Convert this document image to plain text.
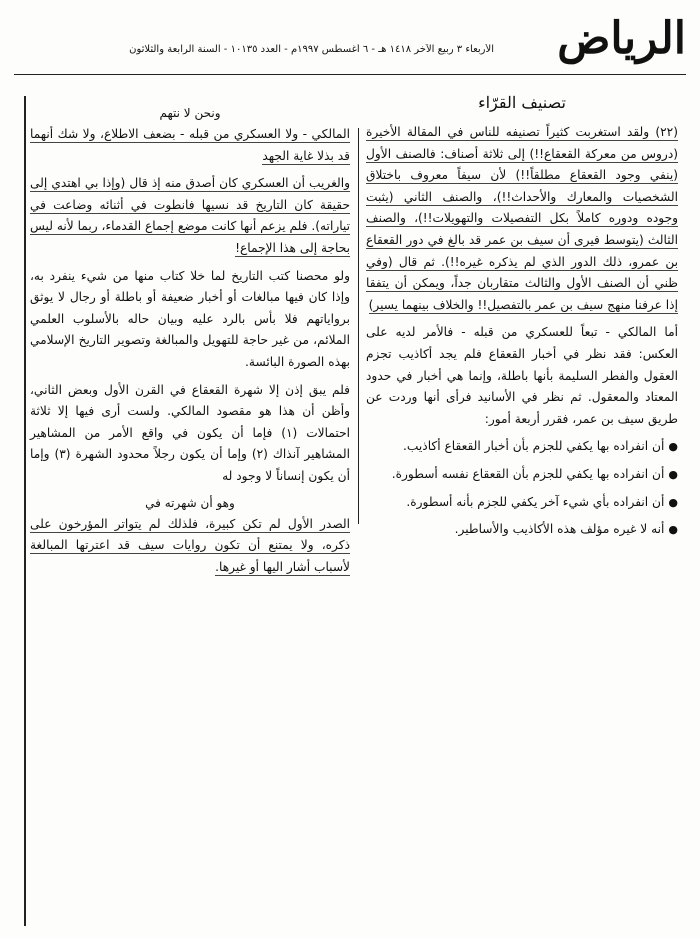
الرياض
الأربعاء ٣ ربيع الآخر ١٤١٨ هـ - ٦ أغسطس ١٩٩٧م - العدد ١٠١٣٥ - السنة الرابعة والثلاثون
تصنيف القرّاء

(٢٢) ولقد استغربت كثيراً تصنيفه للناس في المقالة الأخيرة (دروس من معركة القعقاع!!) إلى ثلاثة أصناف: فالصنف الأول (ينفي وجود القعقاع مطلقاً!!) لأن سيفاً معروف باختلاق الشخصيات والمعارك والأحداث!!)، والصنف الثاني (يثبت وجوده ودوره كاملاً بكل التفصيلات والتهويلات!!)، والصنف الثالث (يتوسط فيرى أن سيف بن عمر قد بالغ في دور القعقاع بن عمرو، ذلك الدور الذي لم يذكره غيره!!). ثم قال (وفي ظني أن الصنف الأول والثالث متقاربان جداً، ويمكن أن يتفقا إذا عرفنا منهج سيف بن عمر بالتفصيل!! والخلاف بينهما يسير)

أما المالكي - تبعاً للعسكري من قبله - فالأمر لديه على العكس: فقد نظر في أخبار القعقاع فلم يجد أكاذيب تجزم العقول والفطر السليمة بأنها باطلة، وإنما هي أخبار في حدود المعتاد والمعقول. ثم نظر في الأسانيد فرأى أنها وردت عن طريق سيف بن عمر، فقرر أربعة أمور:

●أن انفراده بها يكفي للجزم بأن أخبار القعقاع أكاذيب.

●أن انفراده بها يكفي للجزم بأن القعقاع نفسه أسطورة.

●أن انفراده بأي شيء آخر يكفي للجزم بأنه أسطورة.

●أنه لا غيره مؤلف هذه الأكاذيب والأساطير.

ونحن لا نتهم

المالكي - ولا العسكري من قبله - بضعف الاطلاع، ولا شك أنهما قد بذلا غاية الجهد

والغريب أن العسكري كان أصدق منه إذ قال (وإذا بي اهتدي إلى حقيقة كان التاريخ قد نسيها فانطوت في أثنائه وضاعت في تياراته). فلم يزعم أنها كانت موضع إجماع القدماء، ربما لأنه ليس بحاجة إلى هذا الإجماع!

ولو محصنا كتب التاريخ لما خلا كتاب منها من شيء ينفرد به، وإذا كان فيها مبالغات أو أخبار ضعيفة أو باطلة أو رجال لا يوثق برواياتهم فلا بأس بالرد عليه وبيان حاله بالأسلوب العلمي الملائم، من غير حاجة للتهويل والمبالغة وتصوير التاريخ الإسلامي بهذه الصورة البائسة.

فلم يبق إذن إلا شهرة القعقاع في القرن الأول وبعض الثاني، وأظن أن هذا هو مقصود المالكي. ولست أرى فيها إلا ثلاثة احتمالات (١) فإما أن يكون في واقع الأمر من المشاهير المشاهير آنذاك (٢) وإما أن يكون رجلاً محدود الشهرة (٣) وإما أن يكون إنساناً لا وجود له

وهو أن شهرته في

الصدر الأول لم تكن كبيرة، فلذلك لم يتواتر المؤرخون على ذكره، ولا يمتنع أن تكون روايات سيف قد اعترتها المبالغة لأسباب أشار اليها أو غيرها.
